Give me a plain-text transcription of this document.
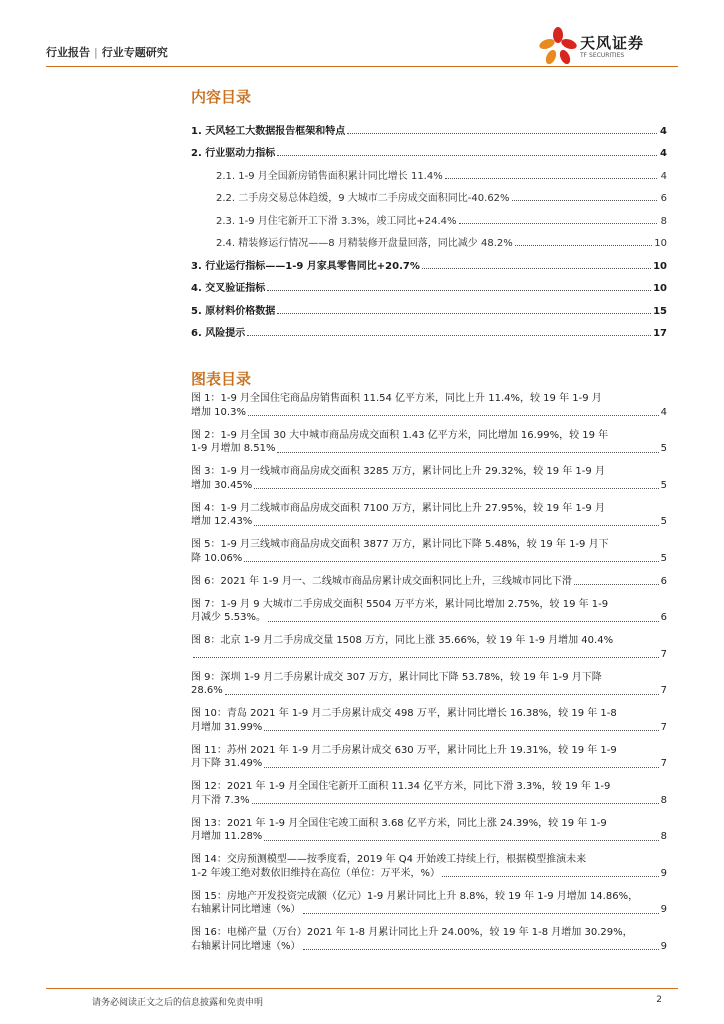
行业报告 | 行业专题研究
天风证券
TF SECURITIES
内容目录
1. 天风轻工大数据报告框架和特点	4
2. 行业驱动力指标	4
2.1. 1-9 月全国新房销售面积累计同比增长 11.4%	4
2.2. 二手房交易总体趋缓，9 大城市二手房成交面积同比-40.62%	6
2.3. 1-9 月住宅新开工下滑 3.3%，竣工同比+24.4%	8
2.4. 精装修运行情况——8 月精装修开盘量回落，同比减少 48.2%	10
3. 行业运行指标——1-9 月家具零售同比+20.7%	10
4. 交叉验证指标	10
5. 原材料价格数据	15
6. 风险提示	17
图表目录
图 1：1-9 月全国住宅商品房销售面积 11.54 亿平方米，同比上升 11.4%，较 19 年 1-9 月
增加 10.3%	4
图 2：1-9 月全国 30 大中城市商品房成交面积 1.43 亿平方米，同比增加 16.99%，较 19 年
1-9 月增加 8.51%	5
图 3：1-9 月一线城市商品房成交面积 3285 万方，累计同比上升 29.32%，较 19 年 1-9 月
增加 30.45%	5
图 4：1-9 月二线城市商品房成交面积 7100 万方，累计同比上升 27.95%，较 19 年 1-9 月
增加 12.43%	5
图 5：1-9 月三线城市商品房成交面积 3877 万方，累计同比下降 5.48%，较 19 年 1-9 月下
降 10.06%	5
图 6：2021 年 1-9 月一、二线城市商品房累计成交面积同比上升，三线城市同比下滑	6
图 7：1-9 月 9 大城市二手房成交面积 5504 万平方米，累计同比增加 2.75%，较 19 年 1-9
月减少 5.53%。	6
图 8：北京 1-9 月二手房成交量 1508 万方，同比上涨 35.66%，较 19 年 1-9 月增加 40.4%
7
图 9：深圳 1-9 月二手房累计成交 307 万方，累计同比下降 53.78%，较 19 年 1-9 月下降
28.6%	7
图 10：青岛 2021 年 1-9 月二手房累计成交 498 万平，累计同比增长 16.38%，较 19 年 1-8
月增加 31.99%	7
图 11：苏州 2021 年 1-9 月二手房累计成交 630 万平，累计同比上升 19.31%，较 19 年 1-9
月下降 31.49%	7
图 12：2021 年 1-9 月全国住宅新开工面积 11.34 亿平方米，同比下滑 3.3%，较 19 年 1-9
月下滑 7.3%	8
图 13：2021 年 1-9 月全国住宅竣工面积 3.68 亿平方米，同比上涨 24.39%，较 19 年 1-9
月增加 11.28%	8
图 14：交房预测模型——按季度看，2019 年 Q4 开始竣工持续上行，根据模型推演未来
1-2 年竣工绝对数依旧维持在高位（单位：万平米，%）	9
图 15：房地产开发投资完成额（亿元）1-9 月累计同比上升 8.8%，较 19 年 1-9 月增加 14.86%，
右轴累计同比增速（%）	9
图 16：电梯产量（万台）2021 年 1-8 月累计同比上升 24.00%，较 19 年 1-8 月增加 30.29%，
右轴累计同比增速（%）	9
请务必阅读正文之后的信息披露和免责申明	2
